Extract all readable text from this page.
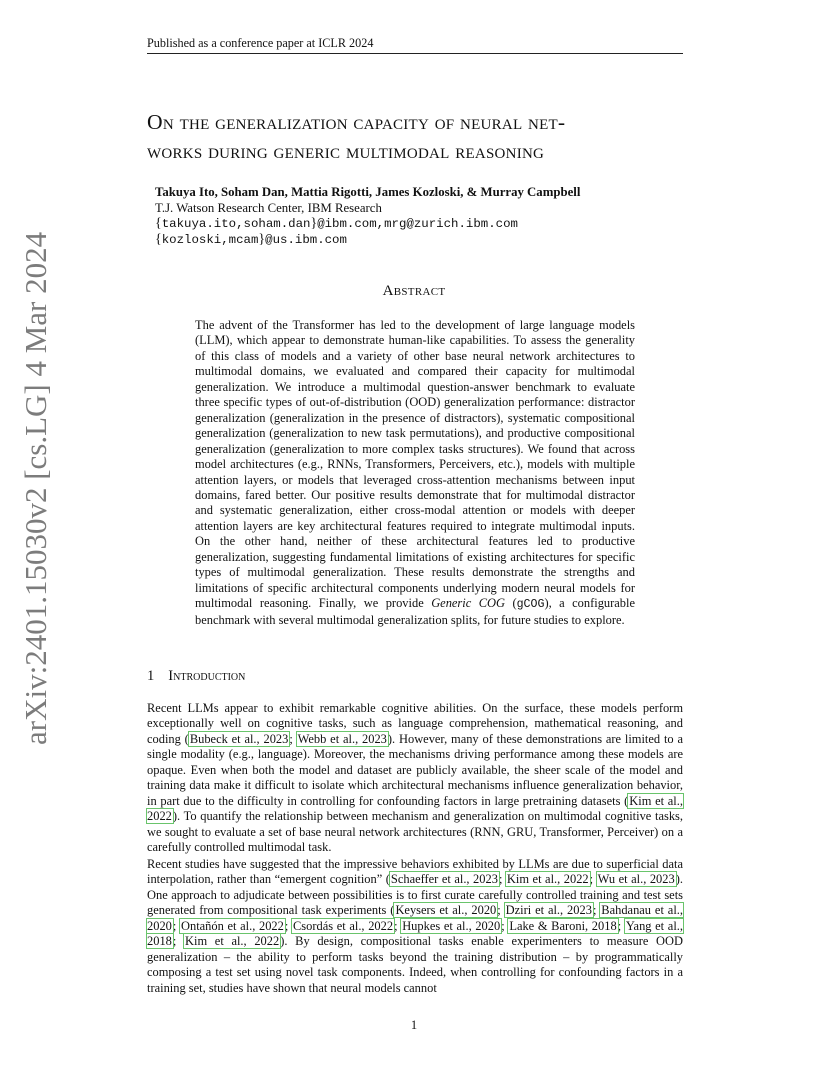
Published as a conference paper at ICLR 2024
arXiv:2401.15030v2 [cs.LG] 4 Mar 2024
On the generalization capacity of neural net-
works during generic multimodal reasoning
Takuya Ito, Soham Dan, Mattia Rigotti, James Kozloski, & Murray Campbell
T.J. Watson Research Center, IBM Research
{takuya.ito,soham.dan}@ibm.com,mrg@zurich.ibm.com
{kozloski,mcam}@us.ibm.com
Abstract
The advent of the Transformer has led to the development of large language models (LLM), which appear to demonstrate human-like capabilities. To assess the generality of this class of models and a variety of other base neural network architectures to multimodal domains, we evaluated and compared their capacity for multimodal generalization. We introduce a multimodal question-answer benchmark to evaluate three specific types of out-of-distribution (OOD) generalization performance: distractor generalization (generalization in the presence of distractors), systematic compositional generalization (generalization to new task permutations), and productive compositional generalization (generalization to more complex tasks structures). We found that across model architectures (e.g., RNNs, Transformers, Perceivers, etc.), models with multiple attention layers, or models that leveraged cross-attention mechanisms between input domains, fared better. Our positive results demonstrate that for multimodal distractor and systematic generalization, either cross-modal attention or models with deeper attention layers are key architectural features required to integrate multimodal inputs. On the other hand, neither of these architectural features led to productive generalization, suggesting fundamental limitations of existing architectures for specific types of multimodal generalization. These results demonstrate the strengths and limitations of specific architectural components underlying modern neural models for multimodal reasoning. Finally, we provide Generic COG (gCOG), a configurable benchmark with several multimodal generalization splits, for future studies to explore.
1 Introduction
Recent LLMs appear to exhibit remarkable cognitive abilities. On the surface, these models perform exceptionally well on cognitive tasks, such as language comprehension, mathematical reasoning, and coding (Bubeck et al., 2023; Webb et al., 2023). However, many of these demonstrations are limited to a single modality (e.g., language). Moreover, the mechanisms driving performance among these models are opaque. Even when both the model and dataset are publicly available, the sheer scale of the model and training data make it difficult to isolate which architectural mechanisms influence generalization behavior, in part due to the difficulty in controlling for confounding factors in large pretraining datasets (Kim et al., 2022). To quantify the relationship between mechanism and generalization on multimodal cognitive tasks, we sought to evaluate a set of base neural network architectures (RNN, GRU, Transformer, Perceiver) on a carefully controlled multimodal task.
Recent studies have suggested that the impressive behaviors exhibited by LLMs are due to superficial data interpolation, rather than “emergent cognition” (Schaeffer et al., 2023; Kim et al., 2022; Wu et al., 2023). One approach to adjudicate between possibilities is to first curate carefully controlled training and test sets generated from compositional task experiments (Keysers et al., 2020; Dziri et al., 2023; Bahdanau et al., 2020; Ontañón et al., 2022; Csordás et al., 2022; Hupkes et al., 2020; Lake & Baroni, 2018; Yang et al., 2018; Kim et al., 2022). By design, compositional tasks enable experimenters to measure OOD generalization – the ability to perform tasks beyond the training distribution – by programmatically composing a test set using novel task components. Indeed, when controlling for confounding factors in a training set, studies have shown that neural models cannot
1
